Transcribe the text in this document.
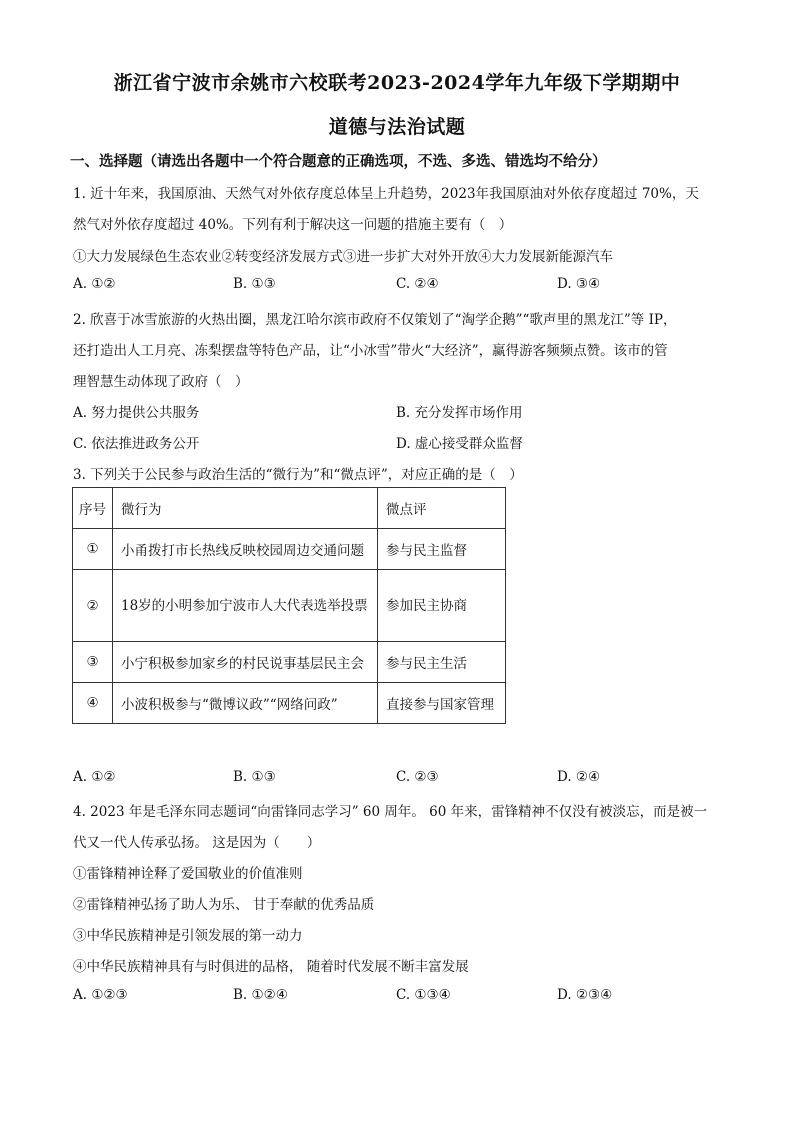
浙江省宁波市余姚市六校联考2023-2024学年九年级下学期期中
道德与法治试题
一、选择题（请选出各题中一个符合题意的正确选项，不选、多选、错选均不给分）
1. 近十年来，我国原油、天然气对外依存度总体呈上升趋势，2023年我国原油对外依存度超过 70%，天
然气对外依存度超过 40%。下列有利于解决这一问题的措施主要有（　）
①大力发展绿色生态农业②转变经济发展方式③进一步扩大对外开放④大力发展新能源汽车
A. ①②	B. ①③	C. ②④	D. ③④
2. 欣喜于冰雪旅游的火热出圈，黑龙江哈尔滨市政府不仅策划了“淘学企鹅”“歌声里的黑龙江”等 IP，
还打造出人工月亮、冻梨摆盘等特色产品，让“小冰雪”带火“大经济”，赢得游客频频点赞。该市的管
理智慧生动体现了政府（　）
A. 努力提供公共服务	B. 充分发挥市场作用
C. 依法推进政务公开	D. 虚心接受群众监督
3. 下列关于公民参与政治生活的“微行为”和“微点评”，对应正确的是（　）
序号	微行为	微点评
①	小甬拨打市长热线反映校园周边交通问题	参与民主监督
②	18岁的小明参加宁波市人大代表选举投票	参加民主协商
③	小宁积极参加家乡的村民说事基层民主会	参与民主生活
④	小波积极参与“微博议政”“网络问政”	直接参与国家管理
A. ①②	B. ①③	C. ②③	D. ②④
4. 2023 年是毛泽东同志题词“向雷锋同志学习” 60 周年。 60 年来，雷锋精神不仅没有被淡忘，而是被一
代又一代人传承弘扬。 这是因为（　　）
①雷锋精神诠释了爱国敬业的价值准则
②雷锋精神弘扬了助人为乐、 甘于奉献的优秀品质
③中华民族精神是引领发展的第一动力
④中华民族精神具有与时俱进的品格， 随着时代发展不断丰富发展
A. ①②③	B. ①②④	C. ①③④	D. ②③④
